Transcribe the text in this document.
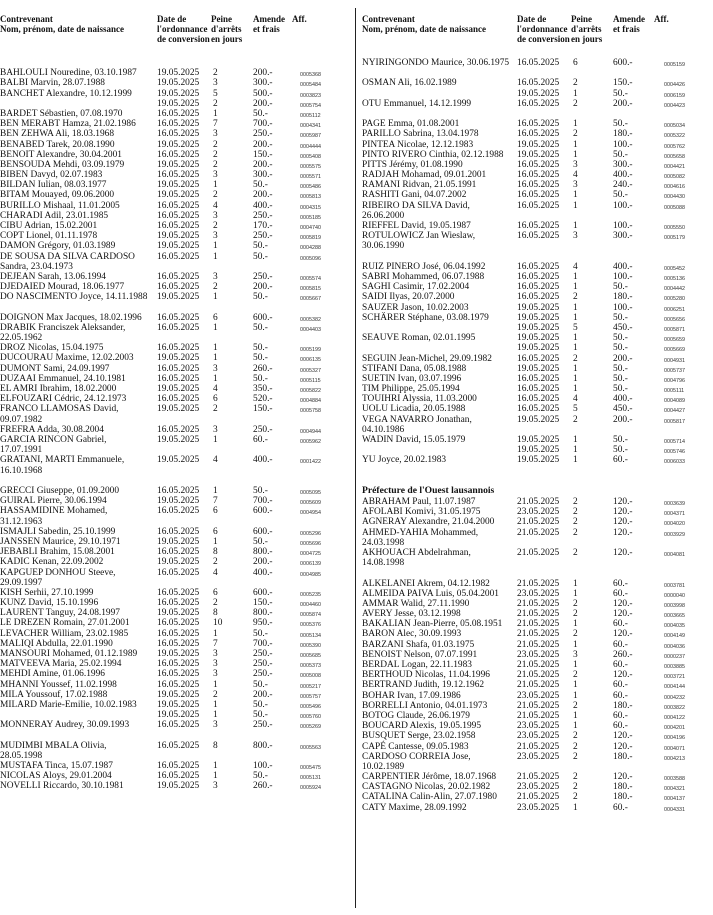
Contrevenant
Nom, prénom, date de naissance
Date de
l'ordonnance
de conversion
Peine
d'arrêts
en jours
Amende
et frais
Aff.
BAHLOULI Nouredine, 03.10.1987	19.05.2025 2	200.-	0005368
BALBI Marvin, 28.07.1988	19.05.2025 3	300.-	0005484
BANCHET Alexandre, 10.12.1999	19.05.2025 5	500.-	0003823
19.05.2025 2	200.-	0005754
BARDET Sébastien, 07.08.1970	16.05.2025 1	50.-	0005112
BEN MERABT Hamza, 21.02.1986	16.05.2025 7	700.-	0004341
BEN ZEHWA Ali, 18.03.1968	16.05.2025 3	250.-	0005987
BENABED Tarek, 20.08.1990	19.05.2025 2	200.-	0004444
BENOIT Alexandre, 30.04.2001	16.05.2025 2	150.-	0005408
BENSOUDA Mehdi, 03.09.1979	19.05.2025 2	200.-	0005575
BIBEN Davyd, 02.07.1983	16.05.2025 3	300.-	0005571
BILDAN Iulian, 08.03.1977	19.05.2025 1	50.-	0005486
BITAM Mouayed, 09.06.2000	19.05.2025 2	200.-	0005813
BURILLO Mishaal, 11.01.2005	16.05.2025 4	400.-	0004315
CHARADI Adil, 23.01.1985	16.05.2025 3	250.-	0005185
CIBU Adrian, 15.02.2001	16.05.2025 2	170.-	0004740
COPT Lionel, 01.11.1978	19.05.2025 3	250.-	0005819
DAMON Grégory, 01.03.1989	19.05.2025 1	50.-	0004288
DE SOUSA DA SILVA CARDOSO Sandra, 23.04.1973
16.05.2025 1	50.-	0005096
DEJEAN Sarah, 13.06.1994	16.05.2025 3	250.-	0005574
DJEDAIED Mourad, 18.06.1977	16.05.2025 2	200.-	0005815
DO NASCIMENTO Joyce, 14.11.1988 19.05.2025 1	50.-	0005667
DOIGNON Max Jacques, 18.02.1996	16.05.2025 6	600.-	0005382
DRABIK Franciszek Aleksander, 22.05.1962
16.05.2025 1	50.-	0004403
DROZ Nicolas, 15.04.1975	16.05.2025 1	50.-	0005199
DUCOURAU Maxime, 12.02.2003	19.05.2025 1	50.-	0006135
DUMONT Sami, 24.09.1997	16.05.2025 3	260.-	0005327
DUZAAI Emmanuel, 24.10.1981	16.05.2025 1	50.-	0005115
EL AMRI Ibrahim, 18.02.2000	19.05.2025 4	350.-	0005822
ELFOUZARI Cédric, 24.12.1973	16.05.2025 6	520.-	0004884
FRANCO LLAMOSAS David, 09.07.1982
19.05.2025 2	150.-	0005758
FREFRA Adda, 30.08.2004	16.05.2025 3	250.-	0004944
GARCIA RINCON Gabriel, 17.07.1991
19.05.2025 1	60.-	0005962
GRATANI, MARTI Emmanuele, 16.10.1968
19.05.2025 4	400.-	0001422
GRECCI Giuseppe, 01.09.2000	16.05.2025 1	50.-	0005095
GUIRAL Pierre, 30.06.1994	19.05.2025 7	700.-	0005609
HASSAMIDINE Mohamed, 31.12.1963
16.05.2025 6	600.-	0004954
ISMAJLI Sabedin, 25.10.1999	16.05.2025 6	600.-	0005296
JANSSEN Maurice, 29.10.1971	19.05.2025 1	50.-	0005696
JEBABLI Brahim, 15.08.2001	16.05.2025 8	800.-	0004725
KADIC Kenan, 22.09.2002	19.05.2025 2	200.-	0006139
KAPGUEP DONHOU Steeve, 29.09.1997
16.05.2025 4	400.-	0004985
KISH Serhii, 27.10.1999	16.05.2025 6	600.-	0005235
KUNZ David, 15.10.1996	16.05.2025 2	150.-	0004460
LAURENT Tanguy, 24.08.1997	19.05.2025 8	800.-	0005874
LE DREZEN Romain, 27.01.2001	16.05.2025 10	950.-	0005376
LEVACHER William, 23.02.1985	16.05.2025 1	50.-	0005134
MALIQI Abdulla, 22.01.1990	16.05.2025 7	700.-	0005390
MANSOURI Mohamed, 01.12.1989	19.05.2025 3	250.-	0005685
MATVEEVA Maria, 25.02.1994	16.05.2025 3	250.-	0005373
MEHDI Amine, 01.06.1996	16.05.2025 3	250.-	0005008
MHANNI Youssef, 11.02.1998	16.05.2025 1	50.-	0005217
MILA Youssouf, 17.02.1988	19.05.2025 2	200.-	0005757
MILARD Marie-Emilie, 10.02.1983	19.05.2025 1	50.-	0005496
19.05.2025 1	50.-	0005760
MONNERAY Audrey, 30.09.1993	16.05.2025 3	250.-	0005269
MUDIMBI MBALA Olivia, 28.05.1998
16.05.2025 8	800.-	0005563
MUSTAFA Tinca, 15.07.1987	16.05.2025 1	100.-	0005475
NICOLAS Aloys, 29.01.2004	16.05.2025 1	50.-	0005131
NOVELLI Riccardo, 30.10.1981	19.05.2025 3	260.-	0005924
Contrevenant
Nom, prénom, date de naissance
Date de
l'ordonnance
de conversion
Peine
d'arrêts
en jours
Amende
et frais
Aff.
NYIRINGONDO Maurice, 30.06.1975 16.05.2025 6	600.-	0005159
OSMAN Ali, 16.02.1989	16.05.2025 2	150.-	0004426
19.05.2025 1	50.-	0006159
OTU Emmanuel, 14.12.1999	16.05.2025 2	200.-	0004423
PAGE Emma, 01.08.2001	16.05.2025 1	50.-	0005034
PARILLO Sabrina, 13.04.1978	16.05.2025 2	180.-	0005322
PINTEA Nicolae, 12.12.1983	19.05.2025 1	100.-	0005762
PINTO RIVERO Cinthia, 02.12.1988	19.05.2025 1	50.-	0005658
PITTS Jérémy, 01.08.1990	16.05.2025 3	300.-	0004421
RADJAH Mohamad, 09.01.2001	16.05.2025 4	400.-	0005082
RAMANI Ridvan, 21.05.1991	16.05.2025 3	240.-	0004616
RASHITI Gani, 04.07.2002	16.05.2025 1	50.-	0004430
RIBEIRO DA SILVA David, 26.06.2000
16.05.2025 1	100.-	0005088
RIEFFEL David, 19.05.1987	16.05.2025 1	100.-	0005550
ROTULOWICZ Jan Wieslaw, 30.06.1990
16.05.2025 3	300.-	0005179
RUIZ PINERO José, 06.04.1992	16.05.2025 4	400.-	0005452
SABRI Mohammed, 06.07.1988	16.05.2025 1	100.-	0005136
SAGHI Casimir, 17.02.2004	16.05.2025 1	50.-	0004442
SAIDI Ilyas, 20.07.2000	16.05.2025 2	180.-	0005280
SAUZER Jason, 10.02.2003	19.05.2025 1	100.-	0006251
SCHÄRER Stéphane, 03.08.1979	19.05.2025 1	50.-	0005656
19.05.2025 5	450.-	0005871
SEAUVE Roman, 02.01.1995	19.05.2025 1	50.-	0005659
19.05.2025 1	50.-	0005669
SEGUIN Jean-Michel, 29.09.1982	16.05.2025 2	200.-	0004931
STIFANI Dana, 05.08.1988	19.05.2025 1	50.-	0005737
SUETIN Ivan, 03.07.1996	16.05.2025 1	50.-	0004796
TIM Philippe, 25.05.1994	16.05.2025 1	50.-	0005111
TOUIHRI Alyssia, 11.03.2000	16.05.2025 4	400.-	0004089
UOLU Licadia, 20.05.1988	16.05.2025 5	450.-	0004427
VEGA NAVARRO Jonathan, 04.10.1986
19.05.2025 2	200.-	0005817
WADIN David, 15.05.1979	19.05.2025 1	50.-	0005714
19.05.2025 1	50.-	0005746
YU Joyce, 20.02.1983	19.05.2025 1	60.-	0006033
Préfecture de l'Ouest lausannois
ABRAHAM Paul, 11.07.1987	21.05.2025 2	120.-	0003639
AFOLABI Komivi, 31.05.1975	23.05.2025 2	120.-	0004371
AGNERAY Alexandre, 21.04.2000	21.05.2025 2	120.-	0004020
AHMED-YAHIA Mohammed, 24.03.1998
21.05.2025 2	120.-	0003929
AKHOUACH Abdelrahman, 14.08.1998
21.05.2025 2	120.-	0004081
ALKELANEI Akrem, 04.12.1982	21.05.2025 1	60.-	0003781
ALMEIDA PAIVA Luis, 05.04.2001	23.05.2025 1	60.-	0000040
AMMAR Walid, 27.11.1990	21.05.2025 2	120.-	0003998
AVERY Jesse, 03.12.1998	21.05.2025 2	120.-	0003665
BAKALIAN Jean-Pierre, 05.08.1951	21.05.2025 1	60.-	0004035
BARON Alec, 30.09.1993	21.05.2025 2	120.-	0004149
BARZANI Shafa, 01.03.1975	21.05.2025 1	60.-	0004036
BENOIST Nelson, 07.07.1991	23.05.2025 3	260.-	0000237
BERDAL Logan, 22.11.1983	21.05.2025 1	60.-	0003885
BERTHOUD Nicolas, 11.04.1996	21.05.2025 2	120.-	0003721
BERTRAND Judith, 19.12.1962	21.05.2025 1	60.-	0004144
BOHAR Ivan, 17.09.1986	23.05.2025 1	60.-	0004232
BORRELLI Antonio, 04.01.1973	21.05.2025 2	180.-	0003822
BOTOG Claude, 26.06.1979	21.05.2025 1	60.-	0004122
BOUCARD Alexis, 19.05.1995	23.05.2025 1	60.-	0004201
BUSQUET Serge, 23.02.1958	23.05.2025 2	120.-	0004196
CAPÉ Cantesse, 09.05.1983	21.05.2025 2	120.-	0004071
CARDOSO CORREIA Jose, 10.02.1989
23.05.2025 2	180.-	0004213
CARPENTIER Jérôme, 18.07.1968	21.05.2025 2	120.-	0003588
CASTAGNO Nicolas, 20.02.1982	23.05.2025 2	180.-	0004321
CATALINA Calin-Alin, 27.07.1980	21.05.2025 2	180.-	0004137
CATY Maxime, 28.09.1992	23.05.2025 1	60.-	0004331
